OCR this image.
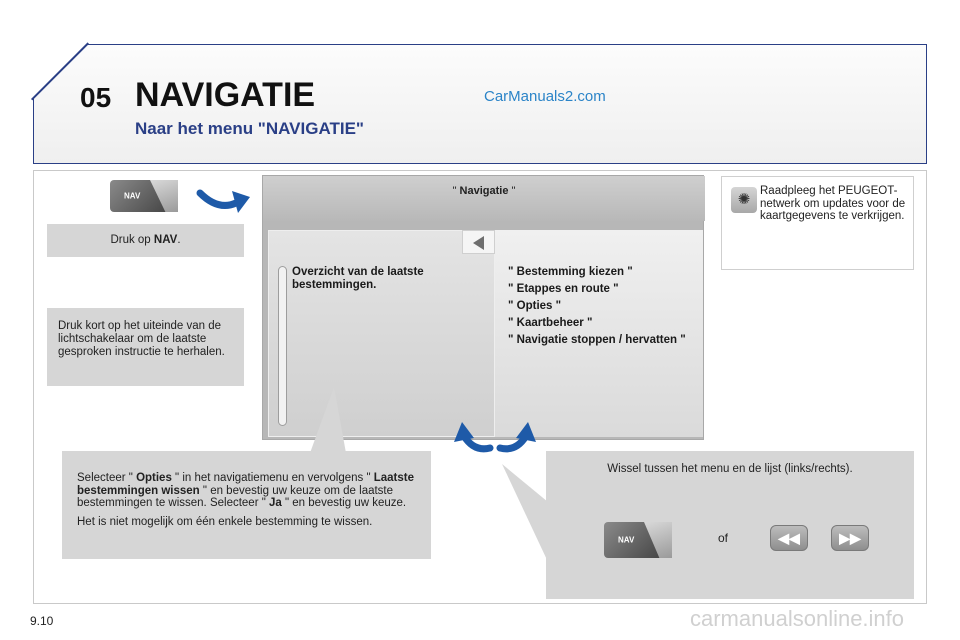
05 NAVIGATIE
Naar het menu "NAVIGATIE"
CarManuals2.com
NAV
Druk op NAV.
Druk kort op het uiteinde van de lichtschakelaar om de laatste gesproken instructie te herhalen.
" Navigatie "
Overzicht van de laatste bestemmingen.
" Bestemming kiezen "
" Etappes en route "
" Opties "
" Kaartbeheer "
" Navigatie stoppen / hervatten "
✺ Raadpleeg het PEUGEOT-netwerk om updates voor de kaartgegevens te verkrijgen.
Selecteer " Opties " in het navigatiemenu en vervolgens " Laatste bestemmingen wissen " en bevestig uw keuze om de laatste bestemmingen te wissen. Selecteer " Ja " en bevestig uw keuze.
Het is niet mogelijk om één enkele bestemming te wissen.
Wissel tussen het menu en de lijst (links/rechts).
NAV	of	◀◀	▶▶
9.10	carmanualsonline.info
